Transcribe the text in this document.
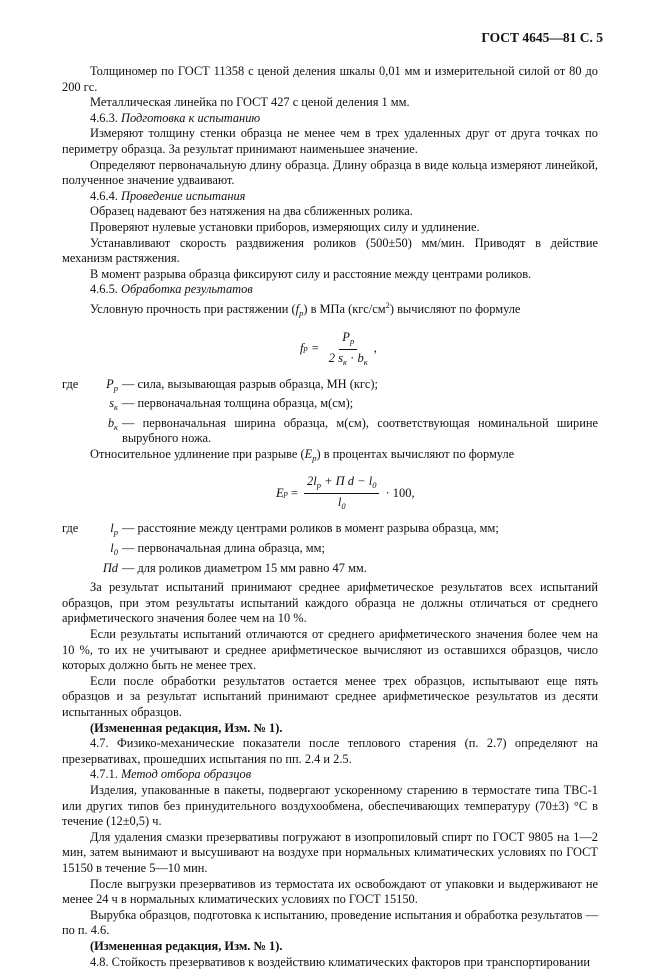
ГОСТ 4645—81 С. 5

Толщиномер по ГОСТ 11358 с ценой деления шкалы 0,01 мм и измерительной силой от 80 до 200 гс.

Металлическая линейка по ГОСТ 427 с ценой деления 1 мм.

4.6.3. Подготовка к испытанию

Измеряют толщину стенки образца не менее чем в трех удаленных друг от друга точках по периметру образца. За результат принимают наименьшее значение.

Определяют первоначальную длину образца. Длину образца в виде кольца измеряют линейкой, полученное значение удваивают.

4.6.4. Проведение испытания

Образец надевают без натяжения на два сближенных ролика.

Проверяют нулевые установки приборов, измеряющих силу и удлинение.

Устанавливают скорость раздвижения роликов (500±50) мм/мин. Приводят в действие механизм растяжения.

В момент разрыва образца фиксируют силу и расстояние между центрами роликов.

4.6.5. Обработка результатов

Условную прочность при растяжении $(f_р)$ в МПа $(кгс/см^2)$ вычисляют по формуле

f $р = \frac{P_р}{2 s_к \cdot b_к}$ ,
где	$P_р$ — сила, вызывающая разрыв образца, МН (кгс);
$s_к$ — первоначальная толщина образца, м(см);
$b_к$ — первоначальная ширина образца, м(см), соответствующая номинальной ширине вырубного ножа.

Относительное удлинение при разрыве $(E_р)$ в процентах вычисляют по формуле

E $р = \frac{2l_р + П d - l_0}{l_0} \cdot 100$,
где	$l_р$ — расстояние между центрами роликов в момент разрыва образца, мм;
$l_0$ — первоначальная длина образца, мм;
Пd — для роликов диаметром 15 мм равно 47 мм.

За результат испытаний принимают среднее арифметическое результатов всех испытаний образцов, при этом результаты испытаний каждого образца не должны отличаться от среднего арифметического значения более чем на 10 %.

Если результаты испытаний отличаются от среднего арифметического значения более чем на 10 %, то их не учитывают и среднее арифметическое вычисляют из оставшихся образцов, число которых должно быть не менее трех.

Если после обработки результатов остается менее трех образцов, испытывают еще пять образцов и за результат испытаний принимают среднее арифметическое результатов из десяти испытанных образцов.

(Измененная редакция, Изм. № 1).

4.7. Физико-механические показатели после теплового старения (п. 2.7) определяют на презервативах, прошедших испытания по пп. 2.4 и 2.5.

4.7.1. Метод отбора образцов

Изделия, упакованные в пакеты, подвергают ускоренному старению в термостате типа ТВС-1 или других типов без принудительного воздухообмена, обеспечивающих температуру (70±3) °С в течение (12±0,5) ч.

Для удаления смазки презервативы погружают в изопропиловый спирт по ГОСТ 9805 на 1—2 мин, затем вынимают и высушивают на воздухе при нормальных климатических условиях по ГОСТ 15150 в течение 5—10 мин.

После выгрузки презервативов из термостата их освобождают от упаковки и выдерживают не менее 24 ч в нормальных климатических условиях по ГОСТ 15150.

Вырубка образцов, подготовка к испытанию, проведение испытания и обработка результатов — по п. 4.6.

(Измененная редакция, Изм. № 1).

4.8. Стойкость презервативов к воздействию климатических факторов при транспортировании
